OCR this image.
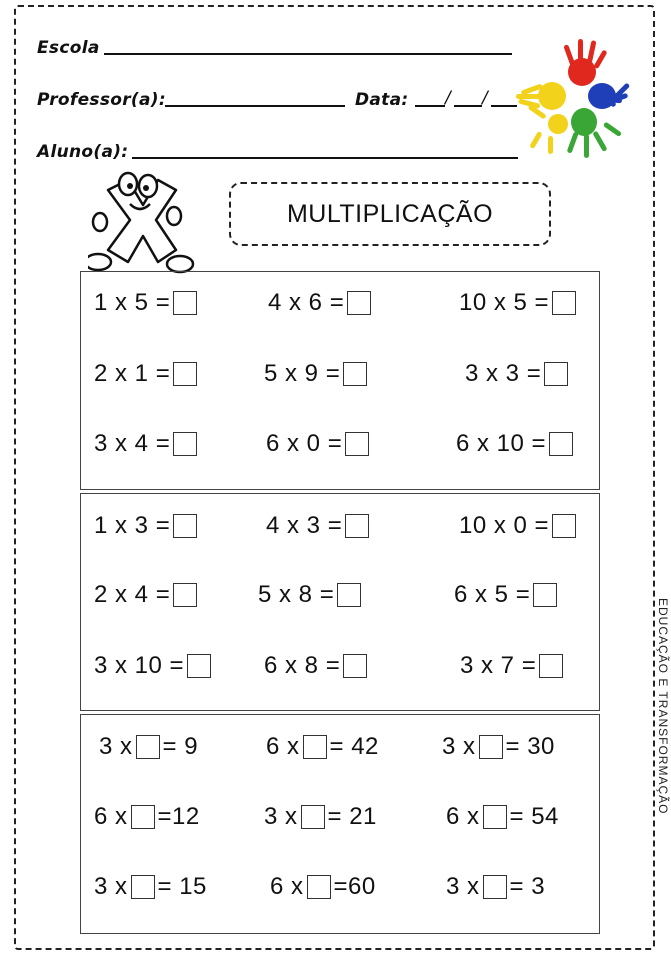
Escola
Professor(a):	Data: / /
Aluno(a):
MULTIPLICAÇÃO
1 x 5 =	4 x 6 =	10 x 5 =
2 x 1 =	5 x 9 =	3 x 3 =
3 x 4 =	6 x 0 =	6 x 10 =
1 x 3 =	4 x 3 =	10 x 0 =
2 x 4 =	5 x 8 =	6 x 5 =
3 x 10 =	6 x 8 =	3 x 7 =
3 x = 9	6 x = 42	3 x = 30
6 x =12	3 x = 21	6 x = 54
3 x = 15	6 x =60	3 x = 3
EDUCAÇÃO E TRANSFORMAÇÃO
